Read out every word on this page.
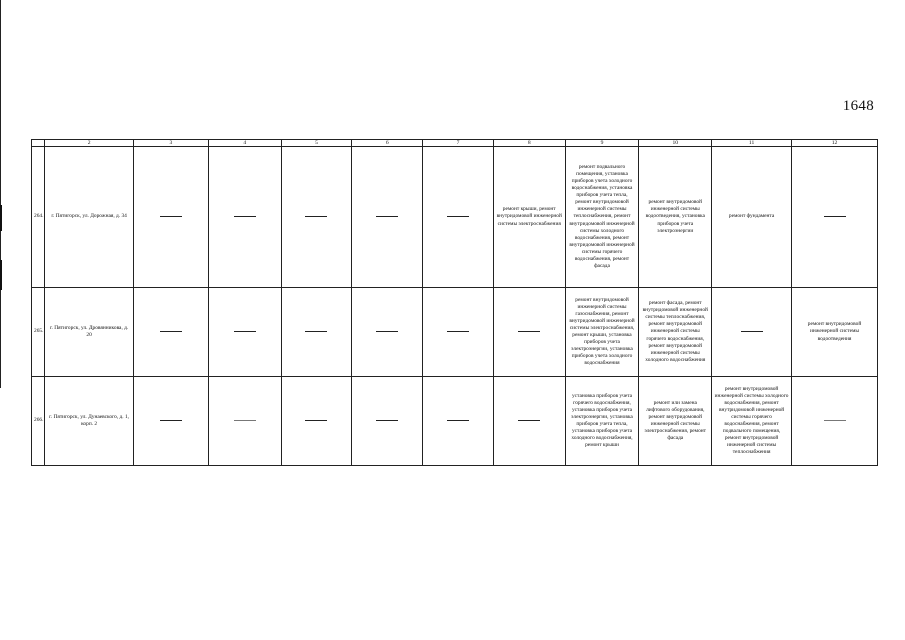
1648
	2	3	4	5	6	7	8	9	10	11	12
264.	г. Пятигорск, ул. Дорожная, д. 34						ремонт крыши, ремонт внутридомовой инженерной системы электроснабжения	ремонт подвального помещения, установка приборов учета холодного водоснабжения, установка приборов учета тепла, ремонт внутридомовой инженерной системы теплоснабжения, ремонт внутридомовой инженерной системы холодного водоснабжения, ремонт внутридомовой инженерной системы горячего водоснабжения, ремонт фасада	ремонт внутридомовой инженерной системы водоотведения, установка приборов учета электроэнергии	ремонт фундамента	
265.	г. Пятигорск, ул. Дровянникова, д. 20							ремонт внутридомовой инженерной системы газоснабжения, ремонт внутридомовой инженерной системы электроснабжения, ремонт крыши, установка приборов учета электроэнергии, установка приборов учета холодного водоснабжения	ремонт фасада, ремонт внутридомовой инженерной системы теплоснабжения, ремонт внутридомовой инженерной системы горячего водоснабжения, ремонт внутридомовой инженерной системы холодного водоснабжения		ремонт внутридомовой инженерной системы водоотведения
266.	г. Пятигорск, ул. Дунаевского, д. 1, корп. 2							установка приборов учета горячего водоснабжения, установка приборов учета электроэнергии, установка приборов учета тепла, установка приборов учета холодного водоснабжения, ремонт крыши	ремонт или замена лифтового оборудования, ремонт внутридомовой инженерной системы электроснабжения, ремонт фасада	ремонт внутридомовой инженерной системы холодного водоснабжения, ремонт внутридомовой инженерной системы горячего водоснабжения, ремонт подвального помещения, ремонт внутридомовой инженерной системы теплоснабжения	
